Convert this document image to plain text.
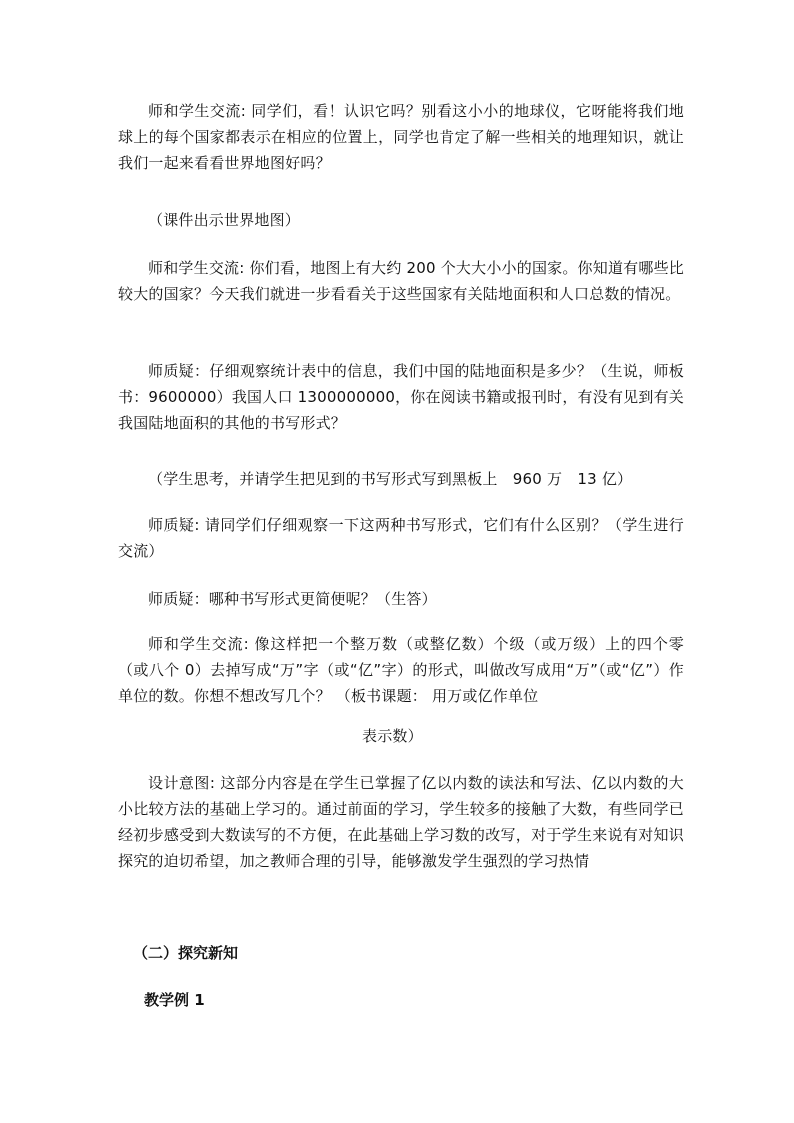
师和学生交流: 同学们，看！认识它吗？别看这小小的地球仪，它呀能将我们地球上的每个国家都表示在相应的位置上，同学也肯定了解一些相关的地理知识，就让我们一起来看看世界地图好吗？

（课件出示世界地图）

师和学生交流: 你们看，地图上有大约 200 个大大小小的国家。你知道有哪些比较大的国家？今天我们就进一步看看关于这些国家有关陆地面积和人口总数的情况。

师质疑：仔细观察统计表中的信息，我们中国的陆地面积是多少？（生说，师板书：9600000）我国人口 1300000000，你在阅读书籍或报刊时，有没有见到有关我国陆地面积的其他的书写形式？

（学生思考，并请学生把见到的书写形式写到黑板上　960 万　13 亿）

师质疑: 请同学们仔细观察一下这两种书写形式，它们有什么区别？（学生进行交流）

师质疑：哪种书写形式更简便呢？（生答）

师和学生交流: 像这样把一个整万数（或整亿数）个级（或万级）上的四个零（或八个 0）去掉写成“万”字（或“亿”字）的形式，叫做改写成用“万”（或“亿”）作单位的数。你想不想改写几个？ （板书课题： 用万或亿作单位

表示数）

设计意图: 这部分内容是在学生已掌握了亿以内数的读法和写法、亿以内数的大小比较方法的基础上学习的。通过前面的学习，学生较多的接触了大数，有些同学已经初步感受到大数读写的不方便，在此基础上学习数的改写，对于学生来说有对知识探究的迫切希望，加之教师合理的引导，能够激发学生强烈的学习热情

（二）探究新知

教学例 1
